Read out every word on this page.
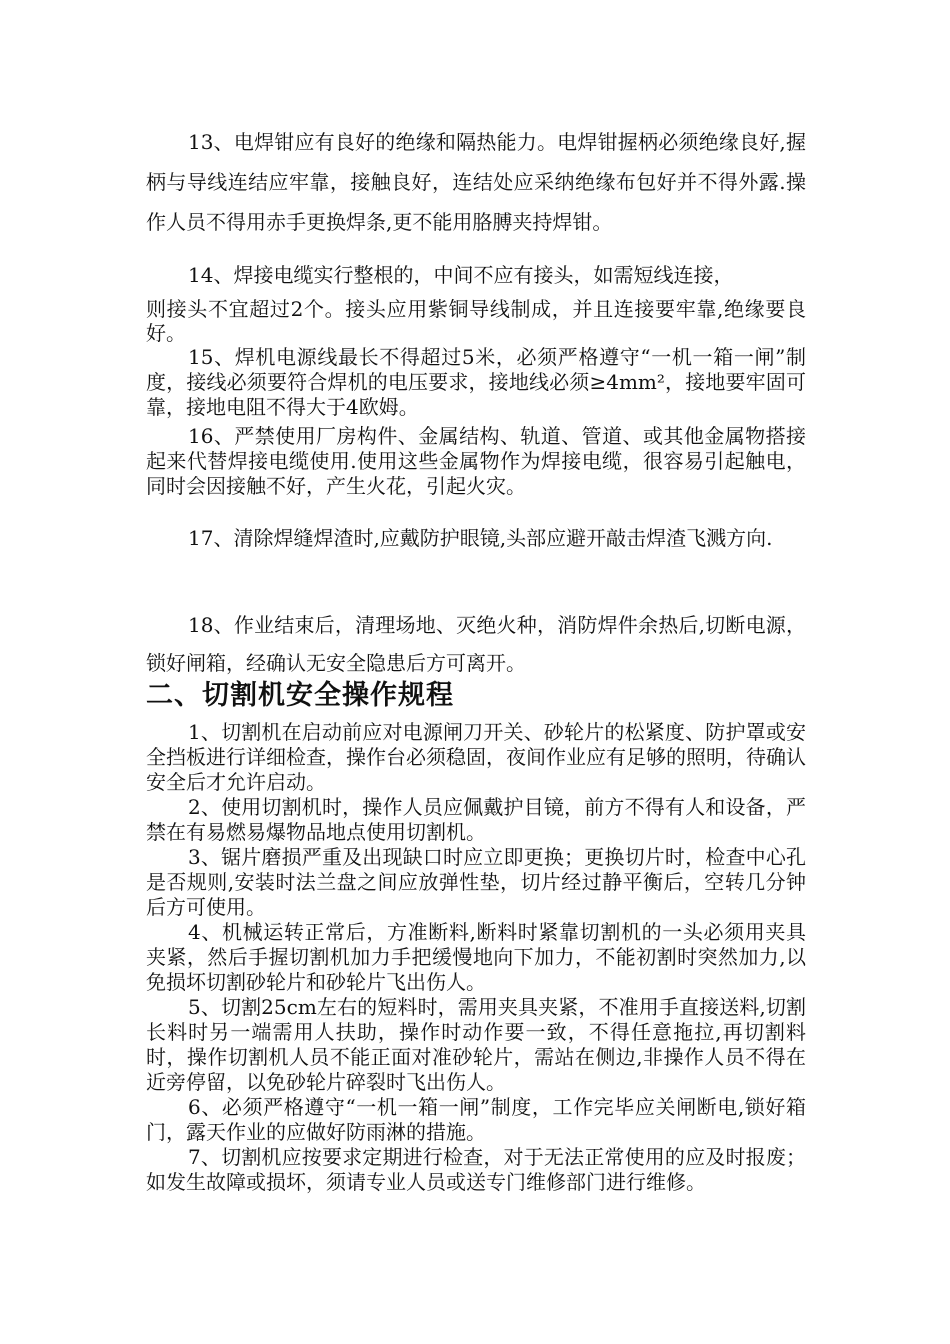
13、电焊钳应有良好的绝缘和隔热能力。电焊钳握柄必须绝缘良好,握柄与导线连结应牢靠，接触良好，连结处应采纳绝缘布包好并不得外露.操作人员不得用赤手更换焊条,更不能用胳膊夹持焊钳。

14、焊接电缆实行整根的，中间不应有接头，如需短线连接，

则接头不宜超过2个。接头应用紫铜导线制成，并且连接要牢靠,绝缘要良好。

15、焊机电源线最长不得超过5米，必须严格遵守“一机一箱一闸”制度，接线必须要符合焊机的电压要求，接地线必须≥4mm²，接地要牢固可靠，接地电阻不得大于4欧姆。

16、严禁使用厂房构件、金属结构、轨道、管道、或其他金属物搭接起来代替焊接电缆使用.使用这些金属物作为焊接电缆，很容易引起触电，同时会因接触不好，产生火花，引起火灾。

17、清除焊缝焊渣时,应戴防护眼镜,头部应避开敲击焊渣飞溅方向.

18、作业结束后，清理场地、灭绝火种，消防焊件余热后,切断电源，锁好闸箱，经确认无安全隐患后方可离开。

二、切割机安全操作规程

1、切割机在启动前应对电源闸刀开关、砂轮片的松紧度、防护罩或安全挡板进行详细检查，操作台必须稳固，夜间作业应有足够的照明，待确认安全后才允许启动。

2、使用切割机时，操作人员应佩戴护目镜，前方不得有人和设备，严禁在有易燃易爆物品地点使用切割机。

3、锯片磨损严重及出现缺口时应立即更换；更换切片时，检查中心孔是否规则,安装时法兰盘之间应放弹性垫，切片经过静平衡后，空转几分钟后方可使用。

4、机械运转正常后，方准断料,断料时紧靠切割机的一头必须用夹具夹紧，然后手握切割机加力手把缓慢地向下加力，不能初割时突然加力,以免损坏切割砂轮片和砂轮片飞出伤人。

5、切割25cm左右的短料时，需用夹具夹紧，不准用手直接送料,切割长料时另一端需用人扶助，操作时动作要一致，不得任意拖拉,再切割料时，操作切割机人员不能正面对准砂轮片，需站在侧边,非操作人员不得在近旁停留，以免砂轮片碎裂时飞出伤人。

6、必须严格遵守“一机一箱一闸”制度，工作完毕应关闸断电,锁好箱门，露天作业的应做好防雨淋的措施。

7、切割机应按要求定期进行检查，对于无法正常使用的应及时报废；如发生故障或损坏，须请专业人员或送专门维修部门进行维修。
